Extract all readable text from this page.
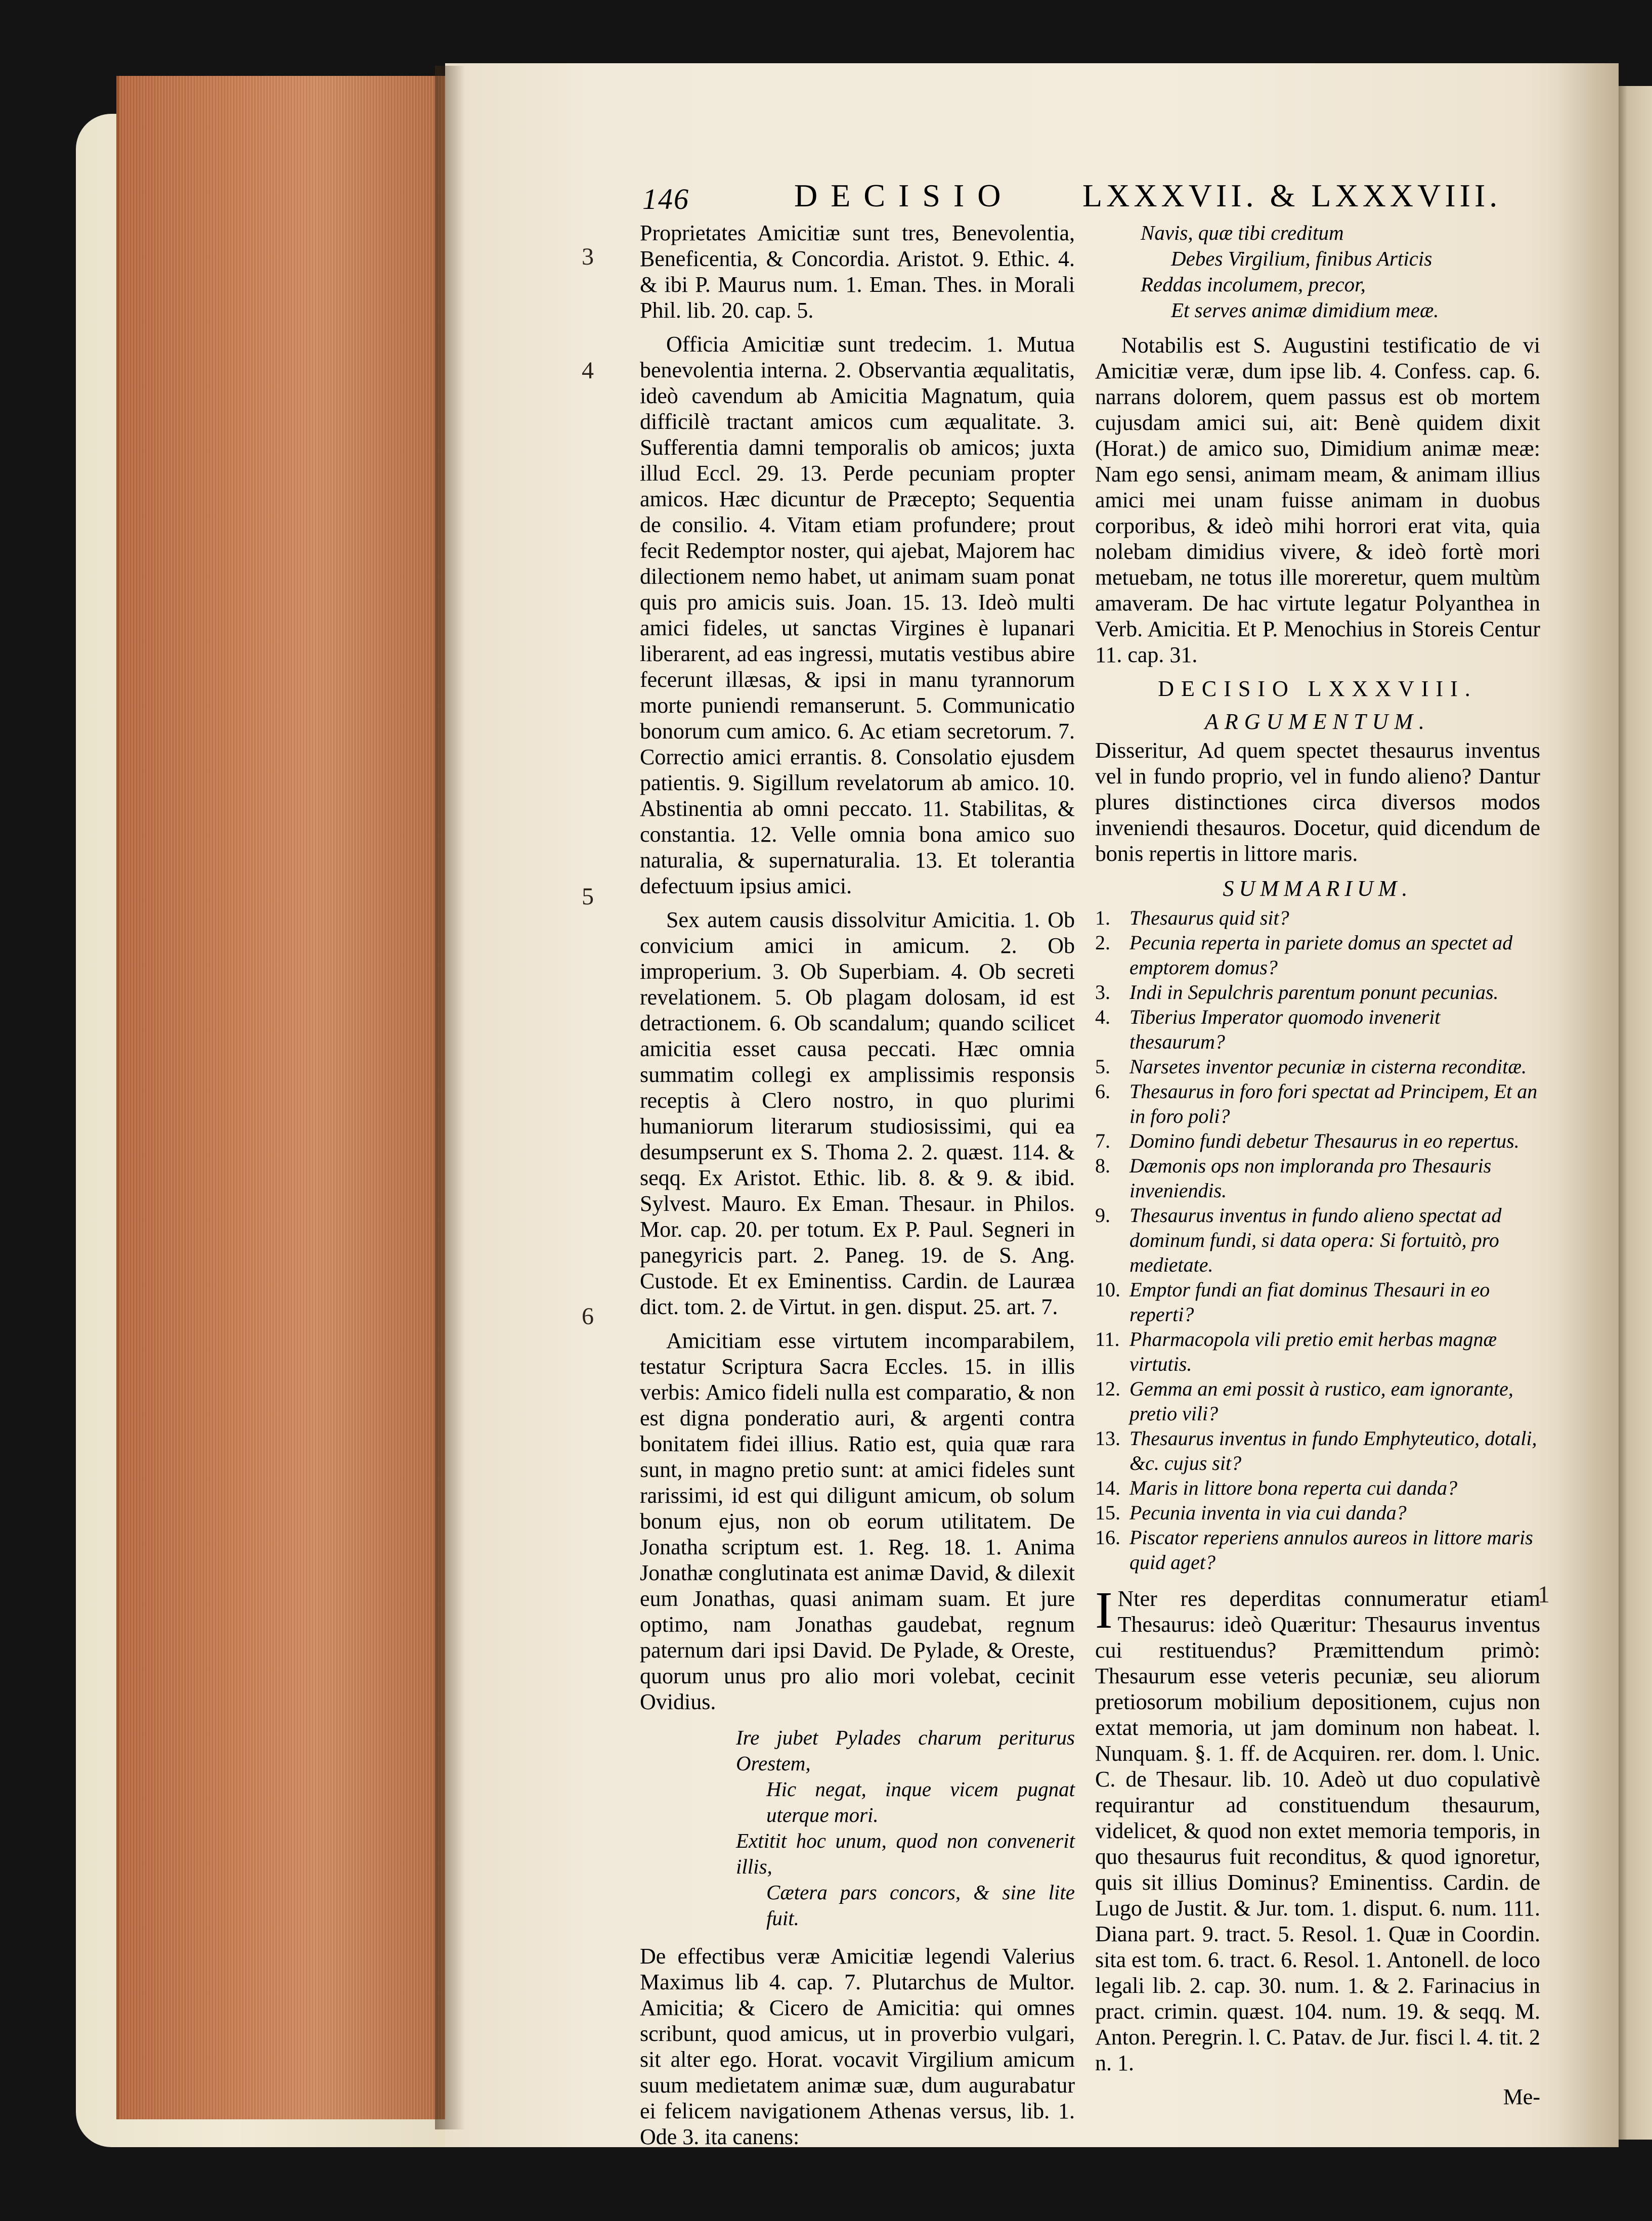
146	DECISIO LXXXVII. & LXXXVIII.
3
4
5
6
1

Proprietates Amicitiæ sunt tres, Benevolentia, Beneficentia, & Concordia. Aristot. 9. Ethic. 4. & ibi P. Maurus num. 1. Eman. Thes. in Morali Phil. lib. 20. cap. 5.

Officia Amicitiæ sunt tredecim. 1. Mutua benevolentia interna. 2. Observantia æqualitatis, ideò cavendum ab Amicitia Magnatum, quia difficilè tractant amicos cum æqualitate. 3. Sufferentia damni temporalis ob amicos; juxta illud Eccl. 29. 13. Perde pecuniam propter amicos. Hæc dicuntur de Præcepto; Sequentia de consilio. 4. Vitam etiam profundere; prout fecit Redemptor noster, qui ajebat, Majorem hac dilectionem nemo habet, ut animam suam ponat quis pro amicis suis. Joan. 15. 13. Ideò multi amici fideles, ut sanctas Virgines è lupanari liberarent, ad eas ingressi, mutatis vestibus abire fecerunt illæsas, & ipsi in manu tyrannorum morte puniendi remanserunt. 5. Communicatio bonorum cum amico. 6. Ac etiam secretorum. 7. Correctio amici errantis. 8. Consolatio ejusdem patientis. 9. Sigillum revelatorum ab amico. 10. Abstinentia ab omni peccato. 11. Stabilitas, & constantia. 12. Velle omnia bona amico suo naturalia, & supernaturalia. 13. Et tolerantia defectuum ipsius amici.

Sex autem causis dissolvitur Amicitia. 1. Ob convicium amici in amicum. 2. Ob improperium. 3. Ob Superbiam. 4. Ob secreti revelationem. 5. Ob plagam dolosam, id est detractionem. 6. Ob scandalum; quando scilicet amicitia esset causa peccati. Hæc omnia summatim collegi ex amplissimis responsis receptis à Clero nostro, in quo plurimi humaniorum literarum studiosissimi, qui ea desumpserunt ex S. Thoma 2. 2. quæst. 114. & seqq. Ex Aristot. Ethic. lib. 8. & 9. & ibid. Sylvest. Mauro. Ex Eman. Thesaur. in Philos. Mor. cap. 20. per totum. Ex P. Paul. Segneri in panegyricis part. 2. Paneg. 19. de S. Ang. Custode. Et ex Eminentiss. Cardin. de Lauræa dict. tom. 2. de Virtut. in gen. disput. 25. art. 7.

Amicitiam esse virtutem incomparabilem, testatur Scriptura Sacra Eccles. 15. in illis verbis: Amico fideli nulla est comparatio, & non est digna ponderatio auri, & argenti contra bonitatem fidei illius. Ratio est, quia quæ rara sunt, in magno pretio sunt: at amici fideles sunt rarissimi, id est qui diligunt amicum, ob solum bonum ejus, non ob eorum utilitatem. De Jonatha scriptum est. 1. Reg. 18. 1. Anima Jonathæ conglutinata est animæ David, & dilexit eum Jonathas, quasi animam suam. Et jure optimo, nam Jonathas gaudebat, regnum paternum dari ipsi David. De Pylade, & Oreste, quorum unus pro alio mori volebat, cecinit Ovidius.

Ire jubet Pylades charum periturus Orestem,
Hic negat, inque vicem pugnat uterque mori.
Extitit hoc unum, quod non convenerit illis,
Cætera pars concors, & sine lite fuit.

De effectibus veræ Amicitiæ legendi Valerius Maximus lib 4. cap. 7. Plutarchus de Multor. Amicitia; & Cicero de Amicitia: qui omnes scribunt, quod amicus, ut in proverbio vulgari, sit alter ego. Horat. vocavit Virgilium amicum suum medietatem animæ suæ, dum augurabatur ei felicem navigationem Athenas versus, lib. 1. Ode 3. ita canens:

Navis, quæ tibi creditum
Debes Virgilium, finibus Articis
Reddas incolumem, precor,
Et serves animæ dimidium meæ.

Notabilis est S. Augustini testificatio de vi Amicitiæ veræ, dum ipse lib. 4. Confess. cap. 6. narrans dolorem, quem passus est ob mortem cujusdam amici sui, ait: Benè quidem dixit (Horat.) de amico suo, Dimidium animæ meæ: Nam ego sensi, animam meam, & animam illius amici mei unam fuisse animam in duobus corporibus, & ideò mihi horrori erat vita, quia nolebam dimidius vivere, & ideò fortè mori metuebam, ne totus ille moreretur, quem multùm amaveram. De hac virtute legatur Polyanthea in Verb. Amicitia. Et P. Menochius in Storeis Centur 11. cap. 31.

DECISIO LXXXVIII.
ARGUMENTUM.

Disseritur, Ad quem spectet thesaurus inventus vel in fundo proprio, vel in fundo alieno? Dantur plures distinctiones circa diversos modos inveniendi thesauros. Docetur, quid dicendum de bonis repertis in littore maris.

SUMMARIUM.
1. Thesaurus quid sit?
2. Pecunia reperta in pariete domus an spectet ad emptorem domus?
3. Indi in Sepulchris parentum ponunt pecunias.
4. Tiberius Imperator quomodo invenerit thesaurum?
5. Narsetes inventor pecuniæ in cisterna reconditæ.
6. Thesaurus in foro fori spectat ad Principem, Et an in foro poli?
7. Domino fundi debetur Thesaurus in eo repertus.
8. Dæmonis ops non imploranda pro Thesauris inveniendis.
9. Thesaurus inventus in fundo alieno spectat ad dominum fundi, si data opera: Si fortuitò, pro medietate.
10. Emptor fundi an fiat dominus Thesauri in eo reperti?
11. Pharmacopola vili pretio emit herbas magnæ virtutis.
12. Gemma an emi possit à rustico, eam ignorante, pretio vili?
13. Thesaurus inventus in fundo Emphyteutico, dotali, &c. cujus sit?
14. Maris in littore bona reperta cui danda?
15. Pecunia inventa in via cui danda?
16. Piscator reperiens annulos aureos in littore maris quid aget?

I Nter res deperditas connumeratur etiam Thesaurus: ideò Quæritur: Thesaurus inventus cui restituendus? Præmittendum primò: Thesaurum esse veteris pecuniæ, seu aliorum pretiosorum mobilium depositionem, cujus non extat memoria, ut jam dominum non habeat. l. Nunquam. §. 1. ff. de Acquiren. rer. dom. l. Unic. C. de Thesaur. lib. 10. Adeò ut duo copulativè requirantur ad constituendum thesaurum, videlicet, & quod non extet memoria temporis, in quo thesaurus fuit reconditus, & quod ignoretur, quis sit illius Dominus? Eminentiss. Cardin. de Lugo de Justit. & Jur. tom. 1. disput. 6. num. 111. Diana part. 9. tract. 5. Resol. 1. Quæ in Coordin. sita est tom. 6. tract. 6. Resol. 1. Antonell. de loco legali lib. 2. cap. 30. num. 1. & 2. Farinacius in pract. crimin. quæst. 104. num. 19. & seqq. M. Anton. Peregrin. l. C. Patav. de Jur. fisci l. 4. tit. 2 n. 1.

Me-
